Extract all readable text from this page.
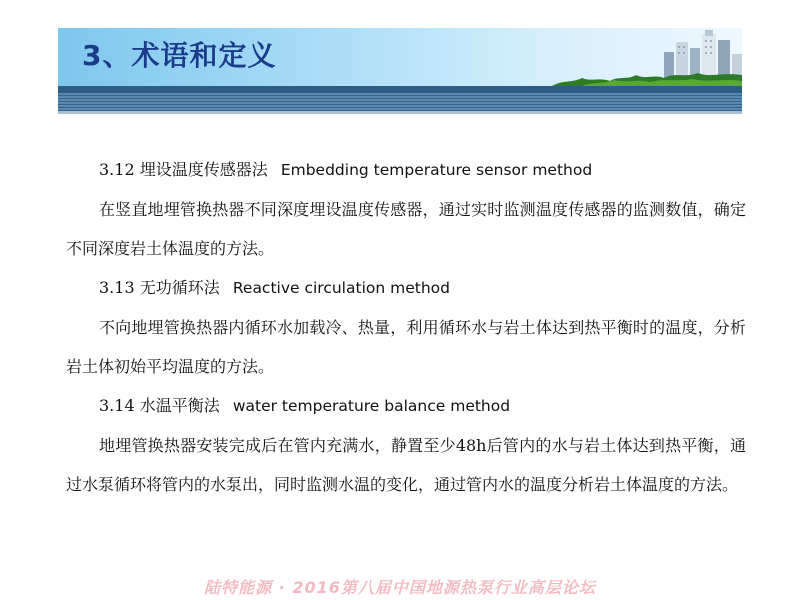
3、术语和定义
3.12 埋设温度传感器法 Embedding temperature sensor method

在竖直地埋管换热器不同深度埋设温度传感器，通过实时监测温度传感器的监测数值，确定不同深度岩土体温度的方法。

3.13 无功循环法 Reactive circulation method

不向地埋管换热器内循环水加载冷、热量，利用循环水与岩土体达到热平衡时的温度，分析岩土体初始平均温度的方法。

3.14 水温平衡法 water temperature balance method

地埋管换热器安装完成后在管内充满水，静置至少48h后管内的水与岩土体达到热平衡，通过水泵循环将管内的水泵出，同时监测水温的变化，通过管内水的温度分析岩土体温度的方法。

陆特能源 · 2016第八届中国地源热泵行业高层论坛
